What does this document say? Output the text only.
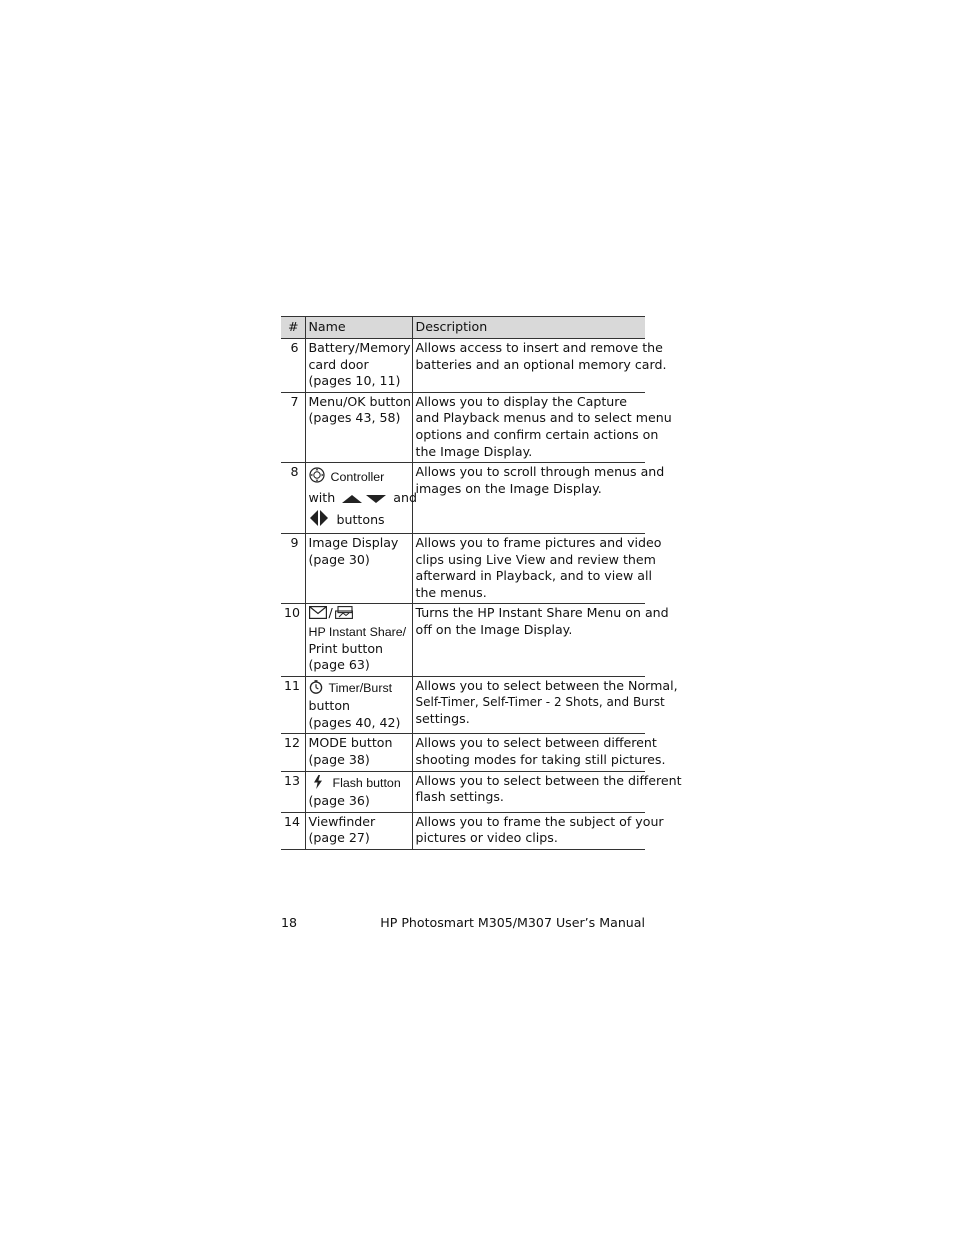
#	Name	Description
6	Battery/Memory
card door
(pages 10, 11)	Allows access to insert and remove the
batteries and an optional memory card.

7	Menu/OK button
(pages 43, 58)	Allows you to display the Capture
and Playback menus and to select menu
options and confirm certain actions on
the Image Display.

8	Controller
with and
buttons	Allows you to scroll through menus and
images on the Image Display.

9	Image Display
(page 30)	Allows you to frame pictures and video
clips using Live View and review them
afterward in Playback, and to view all
the menus.

10	/
HP Instant Share/
Print button
(page 63)	Turns the HP Instant Share Menu on and
off on the Image Display.

11	Timer/Burst
button
(pages 40, 42)	Allows you to select between the Normal,
Self-Timer, Self-Timer - 2 Shots, and Burst
settings.

12	MODE button
(page 38)	Allows you to select between different
shooting modes for taking still pictures.

13	Flash button
(page 36)	Allows you to select between the different
flash settings.

14	Viewfinder
(page 27)	Allows you to frame the subject of your
pictures or video clips.
18	HP Photosmart M305/M307 User’s Manual
